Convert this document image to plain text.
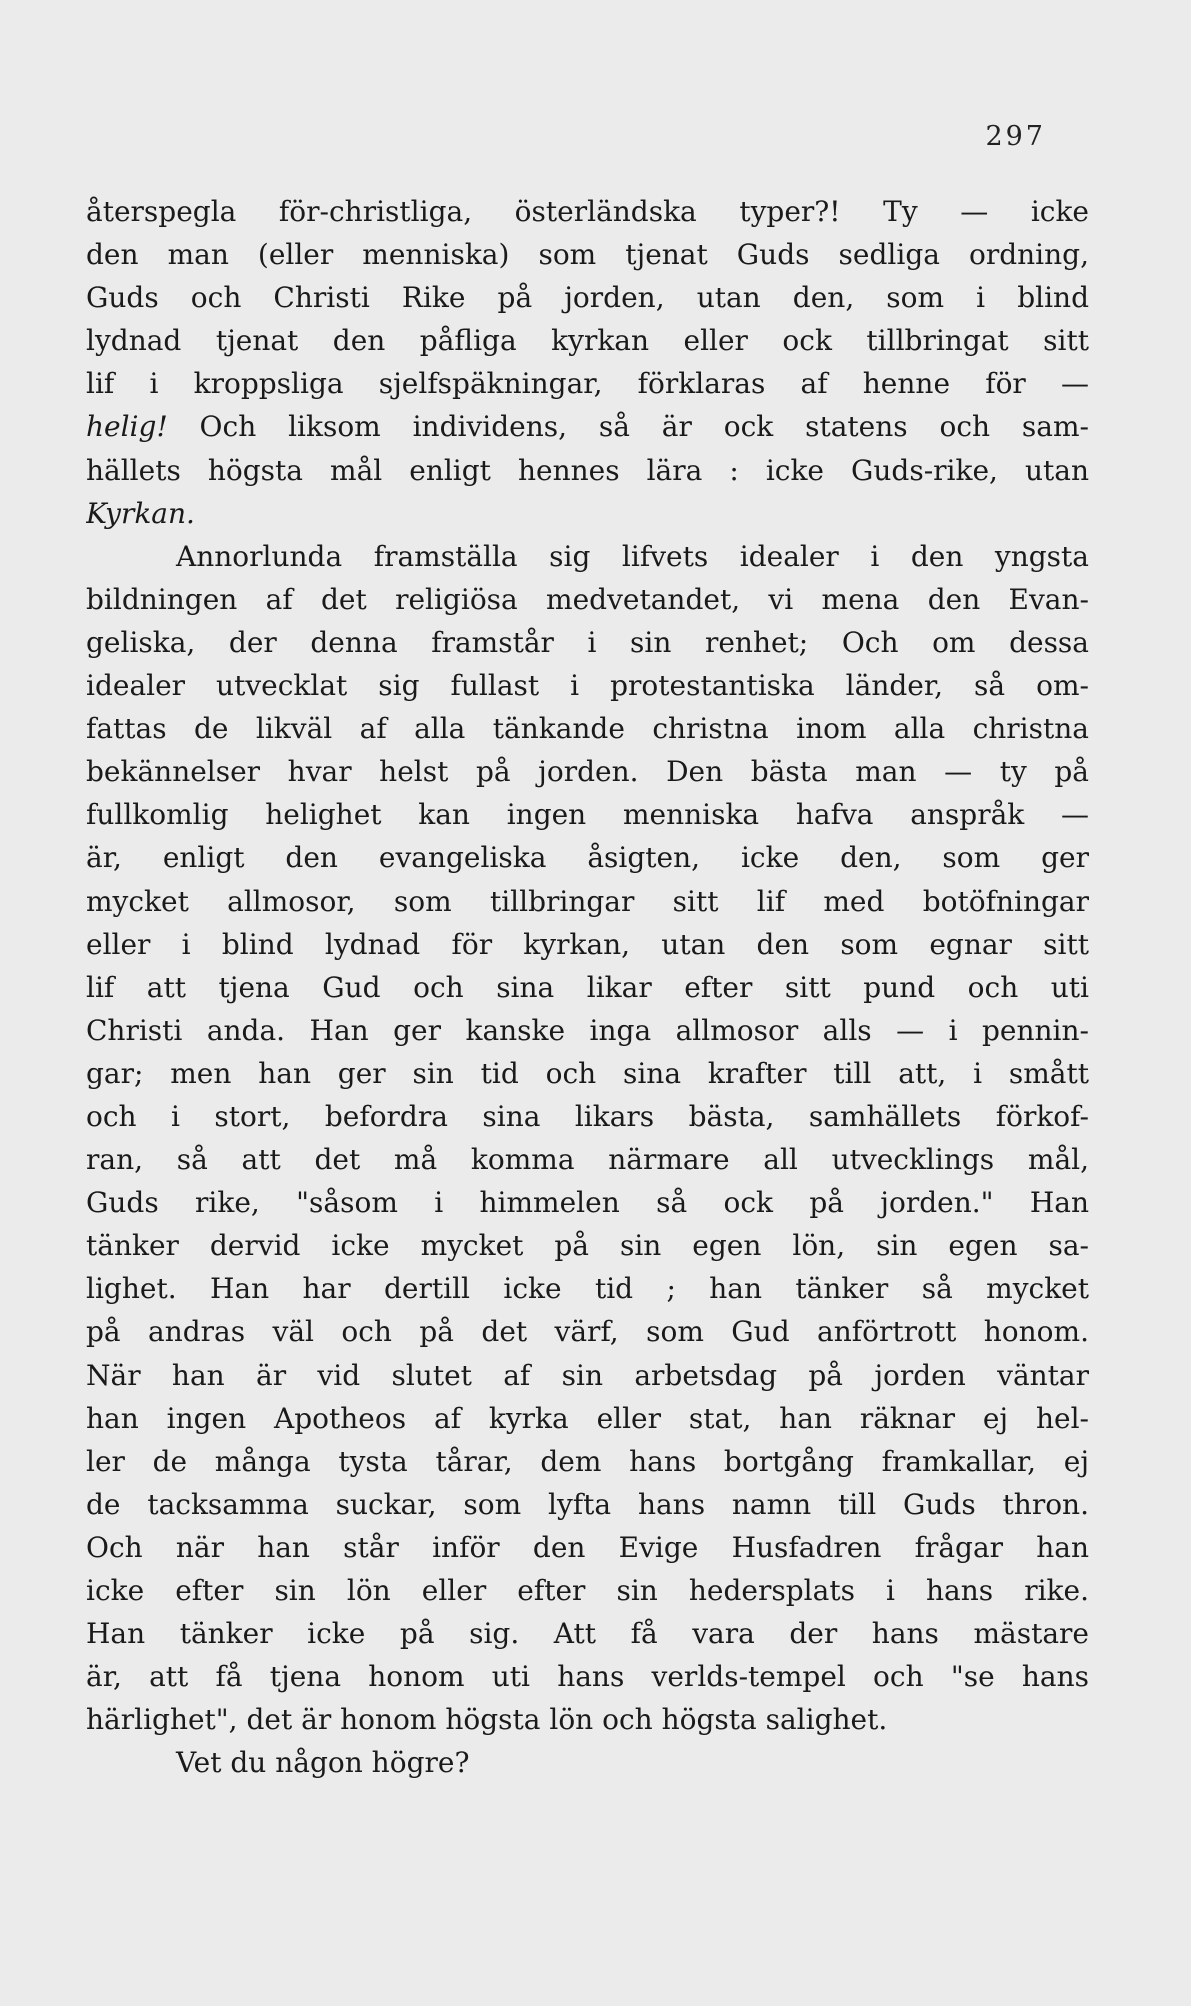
297
återspegla för-christliga, österländska typer?! Ty — icke
den man (eller menniska) som tjenat Guds sedliga ordning,
Guds och Christi Rike på jorden, utan den, som i blind
lydnad tjenat den påfliga kyrkan eller ock tillbringat sitt
lif i kroppsliga sjelfspäkningar, förklaras af henne för —
helig! Och liksom individens, så är ock statens och sam-
hällets högsta mål enligt hennes lära : icke Guds-rike, utan
Kyrkan.
Annorlunda framställa sig lifvets idealer i den yngsta
bildningen af det religiösa medvetandet, vi mena den Evan-
geliska, der denna framstår i sin renhet; Och om dessa
idealer utvecklat sig fullast i protestantiska länder, så om-
fattas de likväl af alla tänkande christna inom alla christna
bekännelser hvar helst på jorden. Den bästa man — ty på
fullkomlig helighet kan ingen menniska hafva anspråk —
är, enligt den evangeliska åsigten, icke den, som ger
mycket allmosor, som tillbringar sitt lif med botöfningar
eller i blind lydnad för kyrkan, utan den som egnar sitt
lif att tjena Gud och sina likar efter sitt pund och uti
Christi anda. Han ger kanske inga allmosor alls — i pennin-
gar; men han ger sin tid och sina krafter till att, i smått
och i stort, befordra sina likars bästa, samhällets förkof-
ran, så att det må komma närmare all utvecklings mål,
Guds rike, "såsom i himmelen så ock på jorden." Han
tänker dervid icke mycket på sin egen lön, sin egen sa-
lighet. Han har dertill icke tid ; han tänker så mycket
på andras väl och på det värf, som Gud anförtrott honom.
När han är vid slutet af sin arbetsdag på jorden väntar
han ingen Apotheos af kyrka eller stat, han räknar ej hel-
ler de många tysta tårar, dem hans bortgång framkallar, ej
de tacksamma suckar, som lyfta hans namn till Guds thron.
Och när han står inför den Evige Husfadren frågar han
icke efter sin lön eller efter sin hedersplats i hans rike.
Han tänker icke på sig. Att få vara der hans mästare
är, att få tjena honom uti hans verlds-tempel och "se hans
härlighet", det är honom högsta lön och högsta salighet.
Vet du någon högre?
